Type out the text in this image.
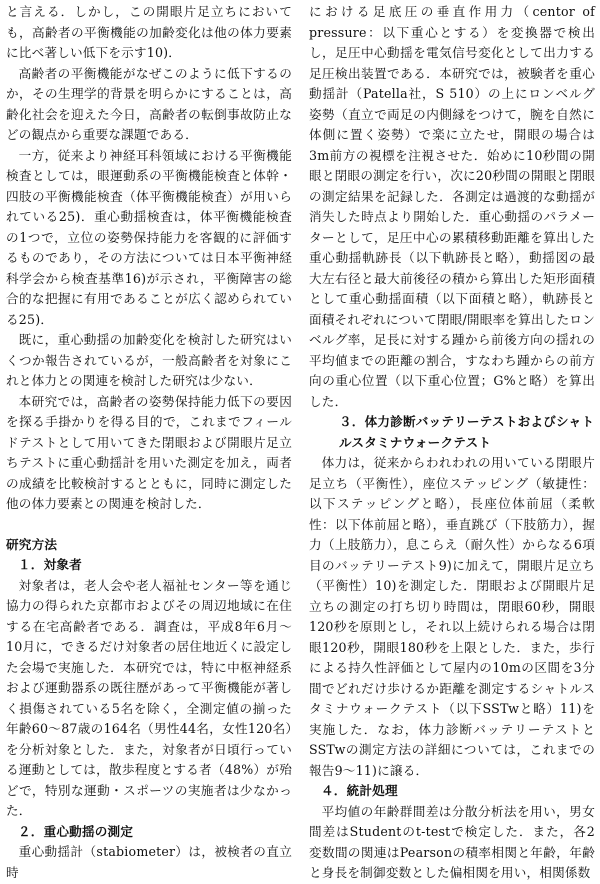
と言える．しかし，この開眼片足立ちにおいても，高齢者の平衡機能の加齢変化は他の体力要素に比べ著しい低下を示す10)．

高齢者の平衡機能がなぜこのように低下するのか，その生理学的背景を明らかにすることは，高齢化社会を迎えた今日，高齢者の転倒事故防止などの観点から重要な課題である．

一方，従来より神経耳科領域における平衡機能検査としては，眼運動系の平衡機能検査と体幹・四肢の平衡機能検査（体平衡機能検査）が用いられている25)．重心動揺検査は，体平衡機能検査の1つで，立位の姿勢保持能力を客観的に評価するものであり，その方法については日本平衡神経科学会から検査基準16)が示され，平衡障害の総合的な把握に有用であることが広く認められている25)．

既に，重心動揺の加齢変化を検討した研究はいくつか報告されているが，一般高齢者を対象にこれと体力との関連を検討した研究は少ない．

本研究では，高齢者の姿勢保持能力低下の要因を探る手掛かりを得る目的で，これまでフィールドテストとして用いてきた閉眼および開眼片足立ちテストに重心動揺計を用いた測定を加え，両者の成績を比較検討するとともに，同時に測定した他の体力要素との関連を検討した．

研究方法
１．対象者

対象者は，老人会や老人福祉センター等を通じ協力の得られた京都市およびその周辺地域に在住する在宅高齢者である．調査は，平成8年6月〜10月に，できるだけ対象者の居住地近くに設定した会場で実施した．本研究では，特に中枢神経系および運動器系の既往歴があって平衡機能が著しく損傷されている5名を除く，全測定値の揃った年齢60〜87歳の164名（男性44名，女性120名）を分析対象とした．また，対象者が日頃行っている運動としては，散歩程度とする者（48%）が殆どで，特別な運動・スポーツの実施者は少なかった．

２．重心動揺の測定

重心動揺計（stabiometer）は，被検者の直立時

における足底圧の垂直作用力（centor of pressure：以下重心とする）を変換器で検出し，足圧中心動揺を電気信号変化として出力する足圧検出装置である．本研究では，被験者を重心動揺計（Patella社，S 510）の上にロンベルグ姿勢（直立で両足の内側縁をつけて，腕を自然に体側に置く姿勢）で楽に立たせ，開眼の場合は3m前方の視標を注視させた．始めに10秒間の開眼と閉眼の測定を行い，次に20秒間の開眼と閉眼の測定結果を記録した．各測定は過渡的な動揺が消失した時点より開始した．重心動揺のパラメーターとして，足圧中心の累積移動距離を算出した重心動揺軌跡長（以下軌跡長と略），動揺図の最大左右径と最大前後径の積から算出した矩形面積として重心動揺面積（以下面積と略），軌跡長と面積それぞれについて閉眼/開眼率を算出したロンベルグ率，足長に対する踵から前後方向の揺れの平均値までの距離の割合，すなわち踵からの前方向の重心位置（以下重心位置；G%と略）を算出した．

３．体力診断バッテリーテストおよびシャトルスタミナウォークテスト

体力は，従来からわれわれの用いている閉眼片足立ち（平衡性），座位ステッピング（敏捷性：以下ステッピングと略），長座位体前屈（柔軟性：以下体前屈と略），垂直跳び（下肢筋力），握力（上肢筋力），息こらえ（耐久性）からなる6項目のバッテリーテスト9)に加えて，開眼片足立ち（平衡性）10)を測定した．閉眼および開眼片足立ちの測定の打ち切り時間は，閉眼60秒，開眼120秒を原則とし，それ以上続けられる場合は閉眼120秒，開眼180秒を上限とした．また，歩行による持久性評価として屋内の10mの区間を3分間でどれだけ歩けるか距離を測定するシャトルスタミナウォークテスト（以下SSTwと略）11)を実施した．なお，体力診断バッテリーテストとSSTwの測定方法の詳細については，これまでの報告9〜11)に譲る．

４．統計処理

平均値の年齢群間差は分散分析法を用い，男女間差はStudentのt-testで検定した．また，各2変数間の関連はPearsonの積率相関と年齢，年齢と身長を制御変数とした偏相関を用い，相関係数
